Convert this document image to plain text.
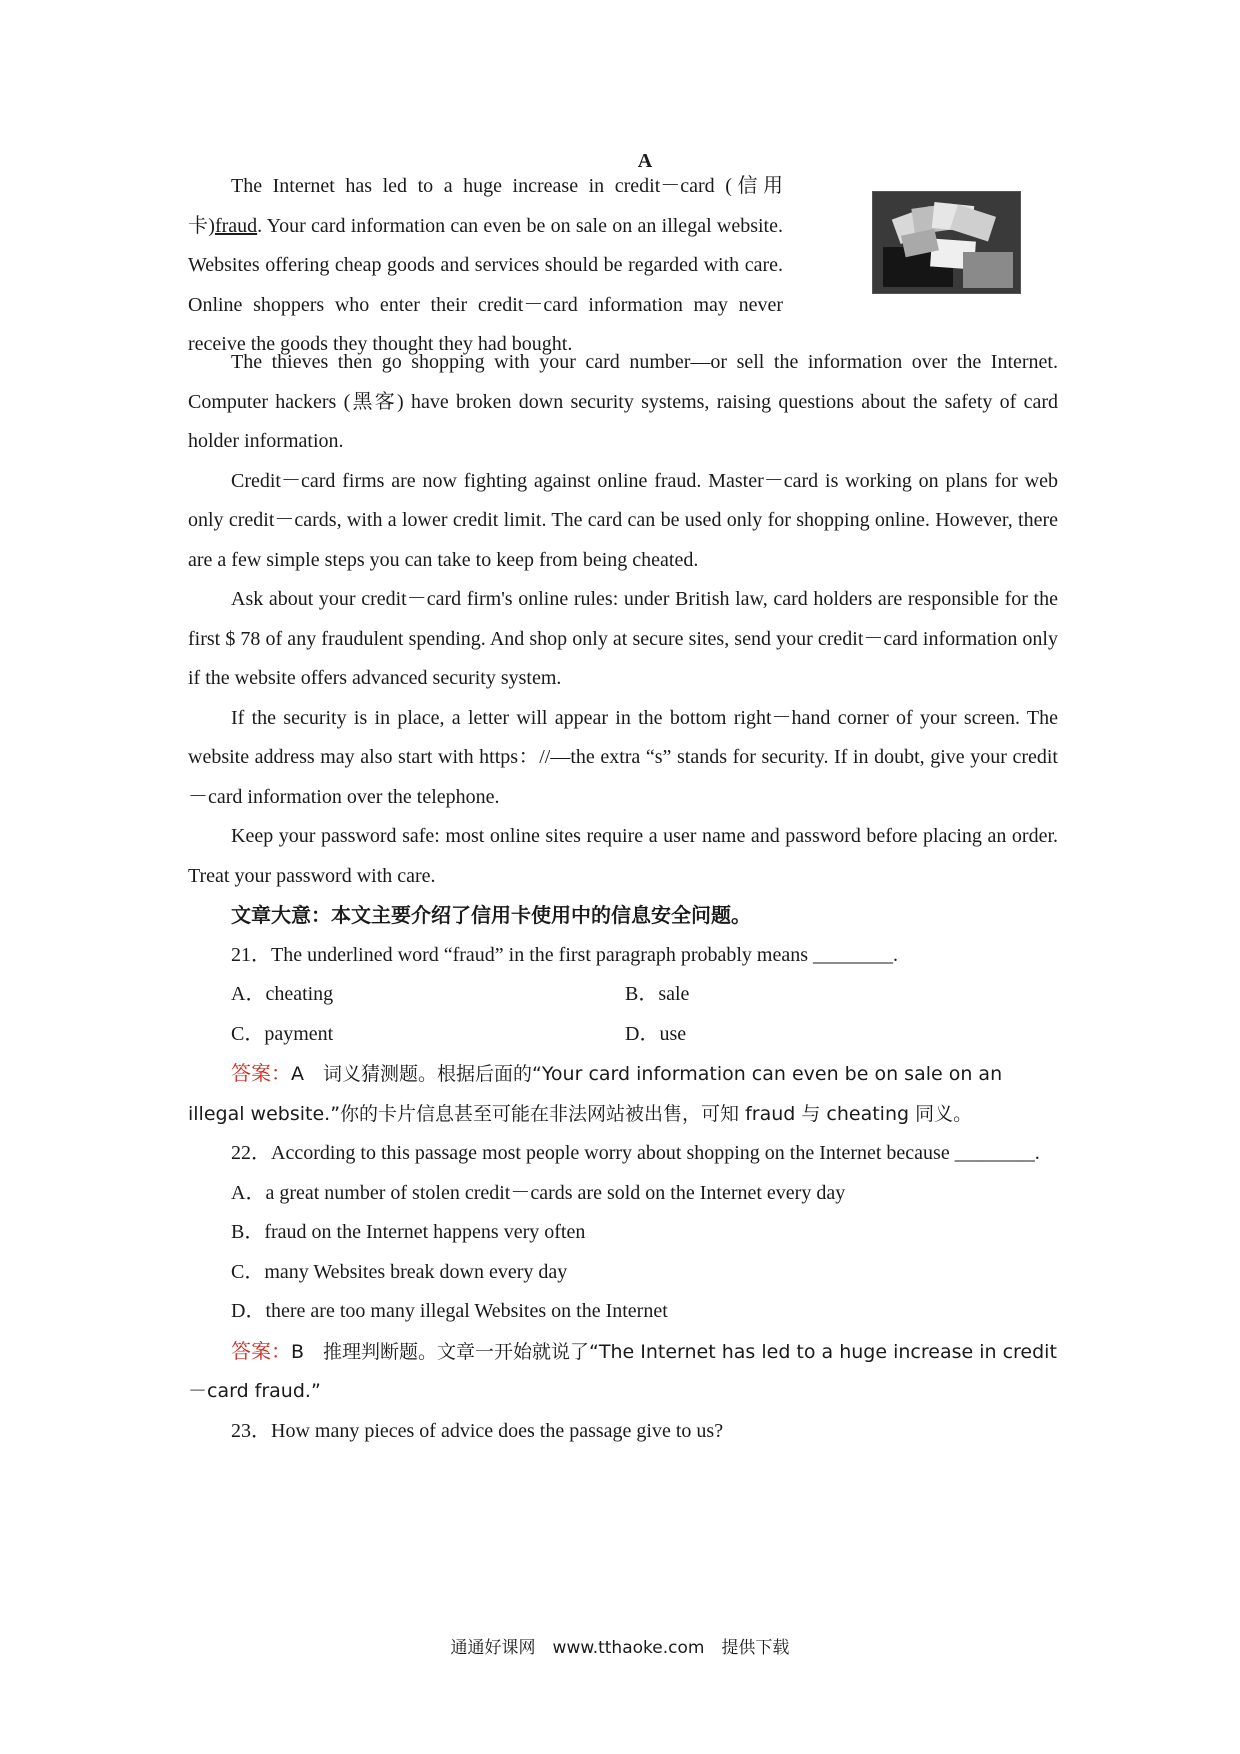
A

The Internet has led to a huge increase in credit－card (信用卡)fraud. Your card information can even be on sale on an illegal website. Websites offering cheap goods and services should be regarded with care. Online shoppers who enter their credit－card information may never receive the goods they thought they had bought.

The thieves then go shopping with your card number—or sell the information over the Internet. Computer hackers (黑客) have broken down security systems, raising questions about the safety of card holder information.

Credit－card firms are now fighting against online fraud. Master－card is working on plans for web only credit－cards, with a lower credit limit. The card can be used only for shopping online. However, there are a few simple steps you can take to keep from being cheated.

Ask about your credit－card firm's online rules: under British law, card holders are responsible for the first $ 78 of any fraudulent spending. And shop only at secure sites, send your credit－card information only if the website offers advanced security system.

If the security is in place, a letter will appear in the bottom right－hand corner of your screen. The website address may also start with https：//—the extra “s” stands for security. If in doubt, give your credit－card information over the telephone.

Keep your password safe: most online sites require a user name and password before placing an order. Treat your password with care.

文章大意：本文主要介绍了信用卡使用中的信息安全问题。

21．The underlined word “fraud” in the first paragraph probably means ________.

A．cheating	B．sale

C．payment	D．use

答案：A　词义猜测题。根据后面的“Your card information can even be on sale on an illegal website.”你的卡片信息甚至可能在非法网站被出售，可知 fraud 与 cheating 同义。

22．According to this passage most people worry about shopping on the Internet because ________.

A．a great number of stolen credit－cards are sold on the Internet every day

B．fraud on the Internet happens very often

C．many Websites break down every day

D．there are too many illegal Websites on the Internet

答案：B　推理判断题。文章一开始就说了“The Internet has led to a huge increase in credit－card fraud.”

23．How many pieces of advice does the passage give to us?

通通好课网　www.tthaoke.com　提供下载
